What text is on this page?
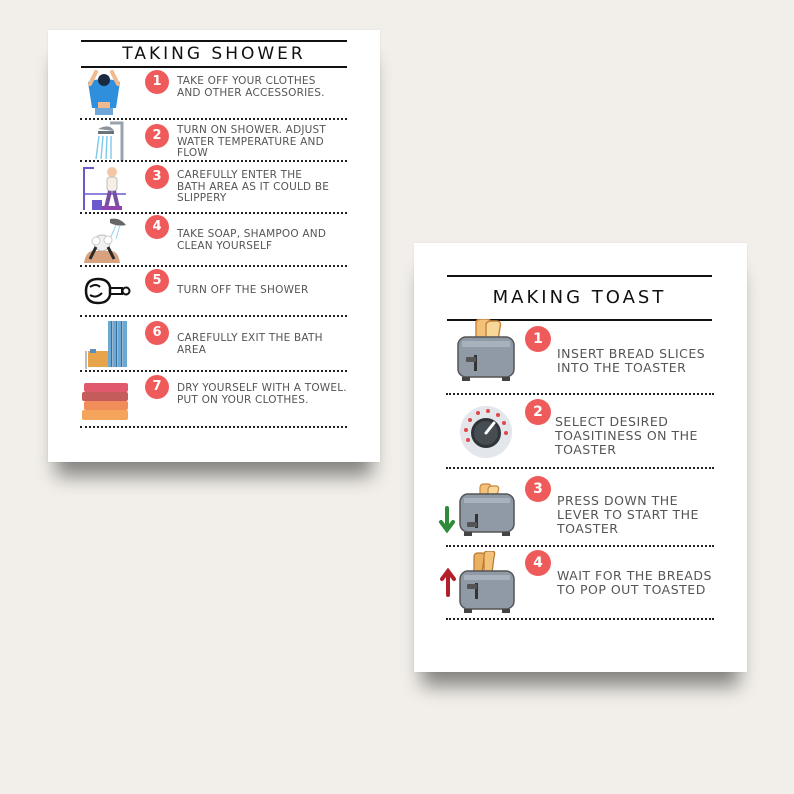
TAKING SHOWER
1	TAKE OFF YOUR CLOTHES
AND OTHER ACCESSORIES.
2	TURN ON SHOWER. ADJUST
WATER TEMPERATURE AND
FLOW
3	CAREFULLY ENTER THE
BATH AREA AS IT COULD BE
SLIPPERY
4	TAKE SOAP, SHAMPOO AND
CLEAN YOURSELF
5
TURN OFF THE SHOWER
6	CAREFULLY EXIT THE BATH
AREA
7	DRY YOURSELF WITH A TOWEL.
PUT ON YOUR CLOTHES.
MAKING TOAST
1
INSERT BREAD SLICES
INTO THE TOASTER
2
SELECT DESIRED
TOASITINESS ON THE
TOASTER
3
PRESS DOWN THE
LEVER TO START THE
TOASTER
4
WAIT FOR THE BREADS
TO POP OUT TOASTED
